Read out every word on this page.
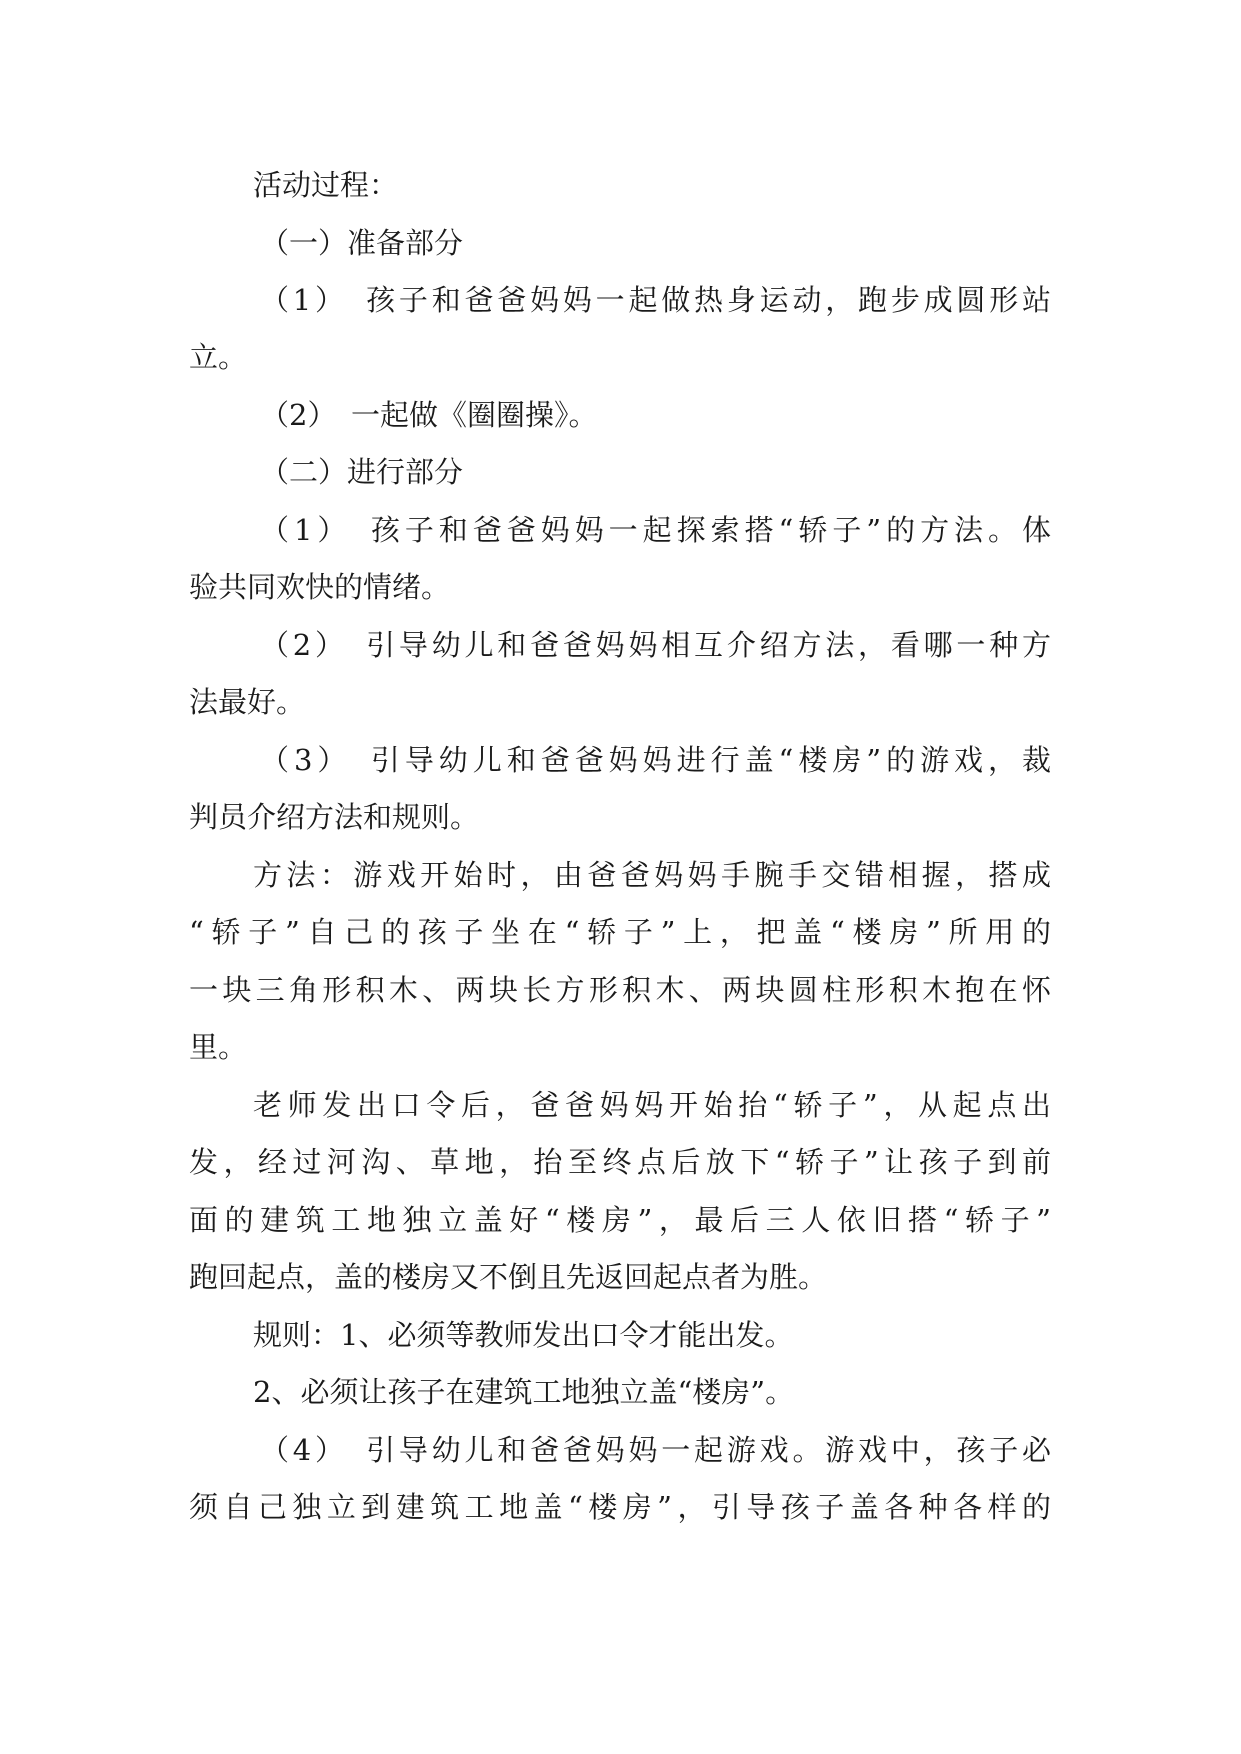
活动过程：

（一）准备部分

（1）　孩子和爸爸妈妈一起做热身运动，跑步成圆形站

立。

（2）　一起做《圈圈操》。

（二）进行部分

（1）　孩子和爸爸妈妈一起探索搭“轿子”的方法。体

验共同欢快的情绪。

（2）　引导幼儿和爸爸妈妈相互介绍方法，看哪一种方

法最好。

（3）　引导幼儿和爸爸妈妈进行盖“楼房”的游戏，裁

判员介绍方法和规则。

方法：游戏开始时，由爸爸妈妈手腕手交错相握，搭成

“轿子”自己的孩子坐在“轿子”上，把盖“楼房”所用的

一块三角形积木、两块长方形积木、两块圆柱形积木抱在怀

里。

老师发出口令后，爸爸妈妈开始抬“轿子”，从起点出

发，经过河沟、草地，抬至终点后放下“轿子”让孩子到前

面的建筑工地独立盖好“楼房”，最后三人依旧搭“轿子”

跑回起点，盖的楼房又不倒且先返回起点者为胜。

规则：1、必须等教师发出口令才能出发。

2、必须让孩子在建筑工地独立盖“楼房”。

（4）　引导幼儿和爸爸妈妈一起游戏。游戏中，孩子必

须自己独立到建筑工地盖“楼房”，引导孩子盖各种各样的
